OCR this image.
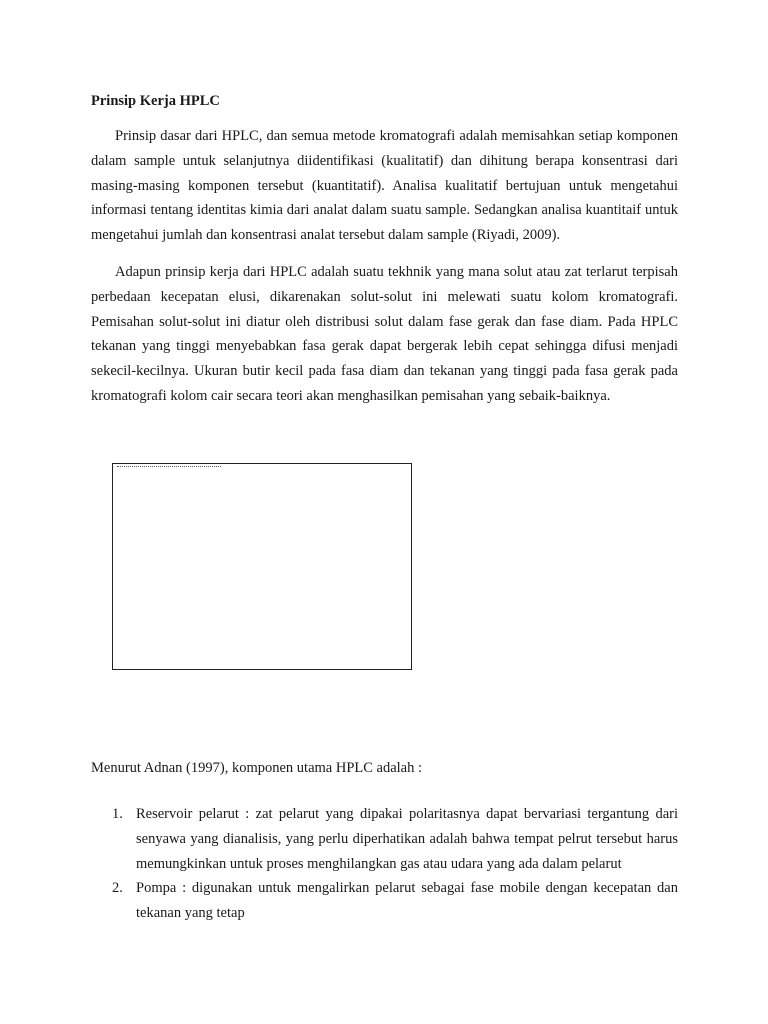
Prinsip Kerja HPLC

Prinsip dasar dari HPLC, dan semua metode kromatografi adalah memisahkan setiap komponen dalam sample untuk selanjutnya diidentifikasi (kualitatif) dan dihitung berapa konsentrasi dari masing-masing komponen tersebut (kuantitatif). Analisa kualitatif bertujuan untuk mengetahui informasi tentang identitas kimia dari analat dalam suatu sample. Sedangkan analisa kuantitaif untuk mengetahui jumlah dan konsentrasi analat tersebut dalam sample (Riyadi, 2009).

Adapun prinsip kerja dari HPLC adalah suatu tekhnik yang mana solut atau zat terlarut terpisah perbedaan kecepatan elusi, dikarenakan solut-solut ini melewati suatu kolom kromatografi. Pemisahan solut-solut ini diatur oleh distribusi solut dalam fase gerak dan fase diam. Pada HPLC tekanan yang tinggi menyebabkan fasa gerak dapat bergerak lebih cepat sehingga difusi menjadi sekecil-kecilnya. Ukuran butir kecil pada fasa diam dan tekanan yang tinggi pada fasa gerak pada kromatografi kolom cair secara teori akan menghasilkan pemisahan yang sebaik-baiknya.

Menurut Adnan (1997), komponen utama HPLC adalah :

1. Reservoir pelarut : zat pelarut yang dipakai polaritasnya dapat bervariasi tergantung dari senyawa yang dianalisis, yang perlu diperhatikan adalah bahwa tempat pelrut tersebut harus memungkinkan untuk proses menghilangkan gas atau udara yang ada dalam pelarut
2. Pompa : digunakan untuk mengalirkan pelarut sebagai fase mobile dengan kecepatan dan tekanan yang tetap
